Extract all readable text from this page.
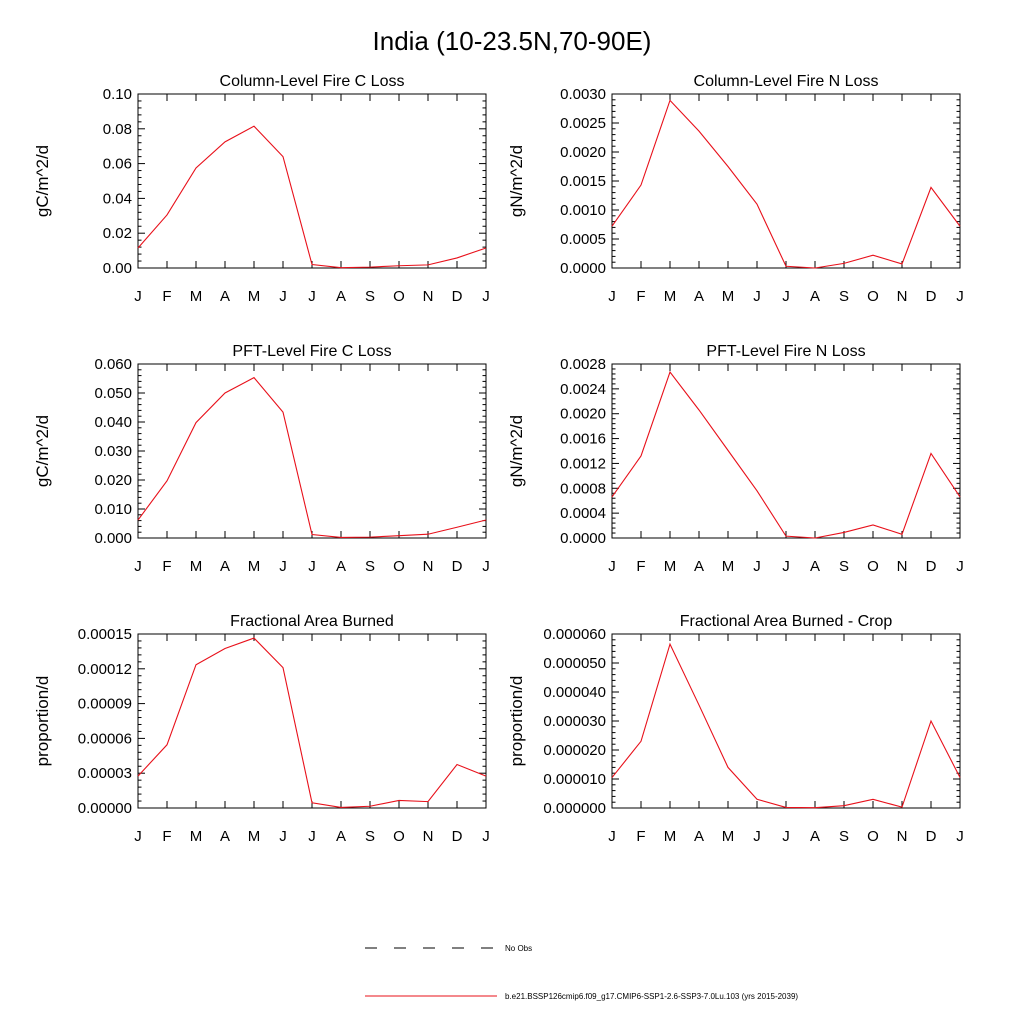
India (10-23.5N,70-90E)
Column-Level Fire C Loss
gC/m^2/d
0.00
0.02
0.04
0.06
0.08
0.10
J F M A M J J A S O N D J
Column-Level Fire N Loss
gN/m^2/d
0.0000
0.0005
0.0010
0.0015
0.0020
0.0025
0.0030
J F M A M J J A S O N D J
PFT-Level Fire C Loss
gC/m^2/d
0.000
0.010
0.020
0.030
0.040
0.050
0.060
J F M A M J J A S O N D J
PFT-Level Fire N Loss
gN/m^2/d
0.0000
0.0004
0.0008
0.0012
0.0016
0.0020
0.0024
0.0028
J F M A M J J A S O N D J
Fractional Area Burned
proportion/d
0.00000
0.00003
0.00006
0.00009
0.00012
0.00015
J F M A M J J A S O N D J
Fractional Area Burned - Crop
proportion/d
0.000000
0.000010
0.000020
0.000030
0.000040
0.000050
0.000060
J F M A M J J A S O N D J
No Obs
b.e21.BSSP126cmip6.f09_g17.CMIP6-SSP1-2.6-SSP3-7.0Lu.103 (yrs 2015-2039)
